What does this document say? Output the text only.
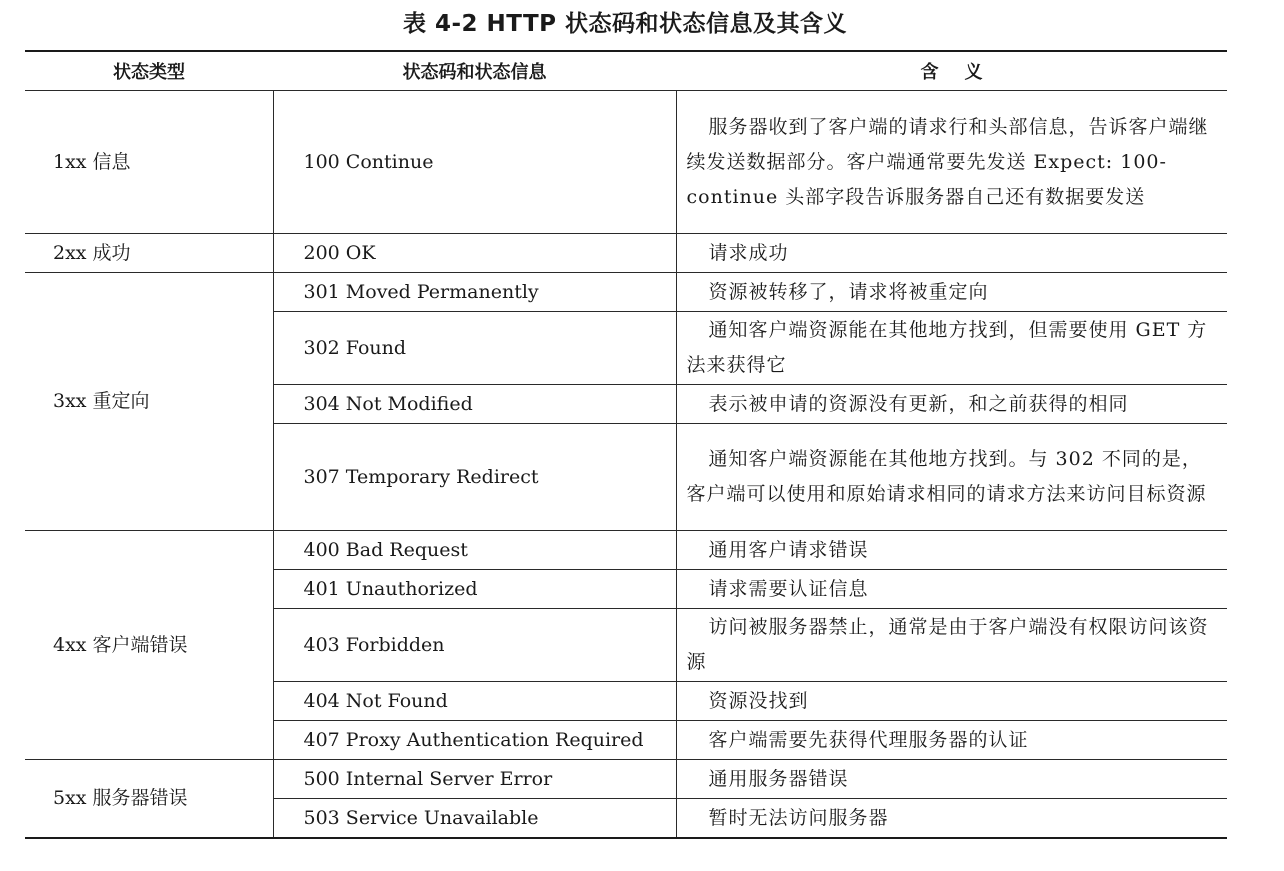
表 4-2 HTTP 状态码和状态信息及其含义
状态类型	状态码和状态信息	含义
1xx 信息	100 Continue	服务器收到了客户端的请求行和头部信息，告诉客户端继续发送数据部分。客户端通常要先发送 Expect: 100-continue 头部字段告诉服务器自己还有数据要发送
2xx 成功	200 OK	请求成功
3xx 重定向	301 Moved Permanently	资源被转移了，请求将被重定向
	302 Found	通知客户端资源能在其他地方找到，但需要使用 GET 方法来获得它
	304 Not Modified	表示被申请的资源没有更新，和之前获得的相同
	307 Temporary Redirect	通知客户端资源能在其他地方找到。与 302 不同的是，客户端可以使用和原始请求相同的请求方法来访问目标资源
4xx 客户端错误	400 Bad Request	通用客户请求错误
	401 Unauthorized	请求需要认证信息
	403 Forbidden	访问被服务器禁止，通常是由于客户端没有权限访问该资源
	404 Not Found	资源没找到
	407 Proxy Authentication Required	客户端需要先获得代理服务器的认证
5xx 服务器错误	500 Internal Server Error	通用服务器错误
	503 Service Unavailable	暂时无法访问服务器
